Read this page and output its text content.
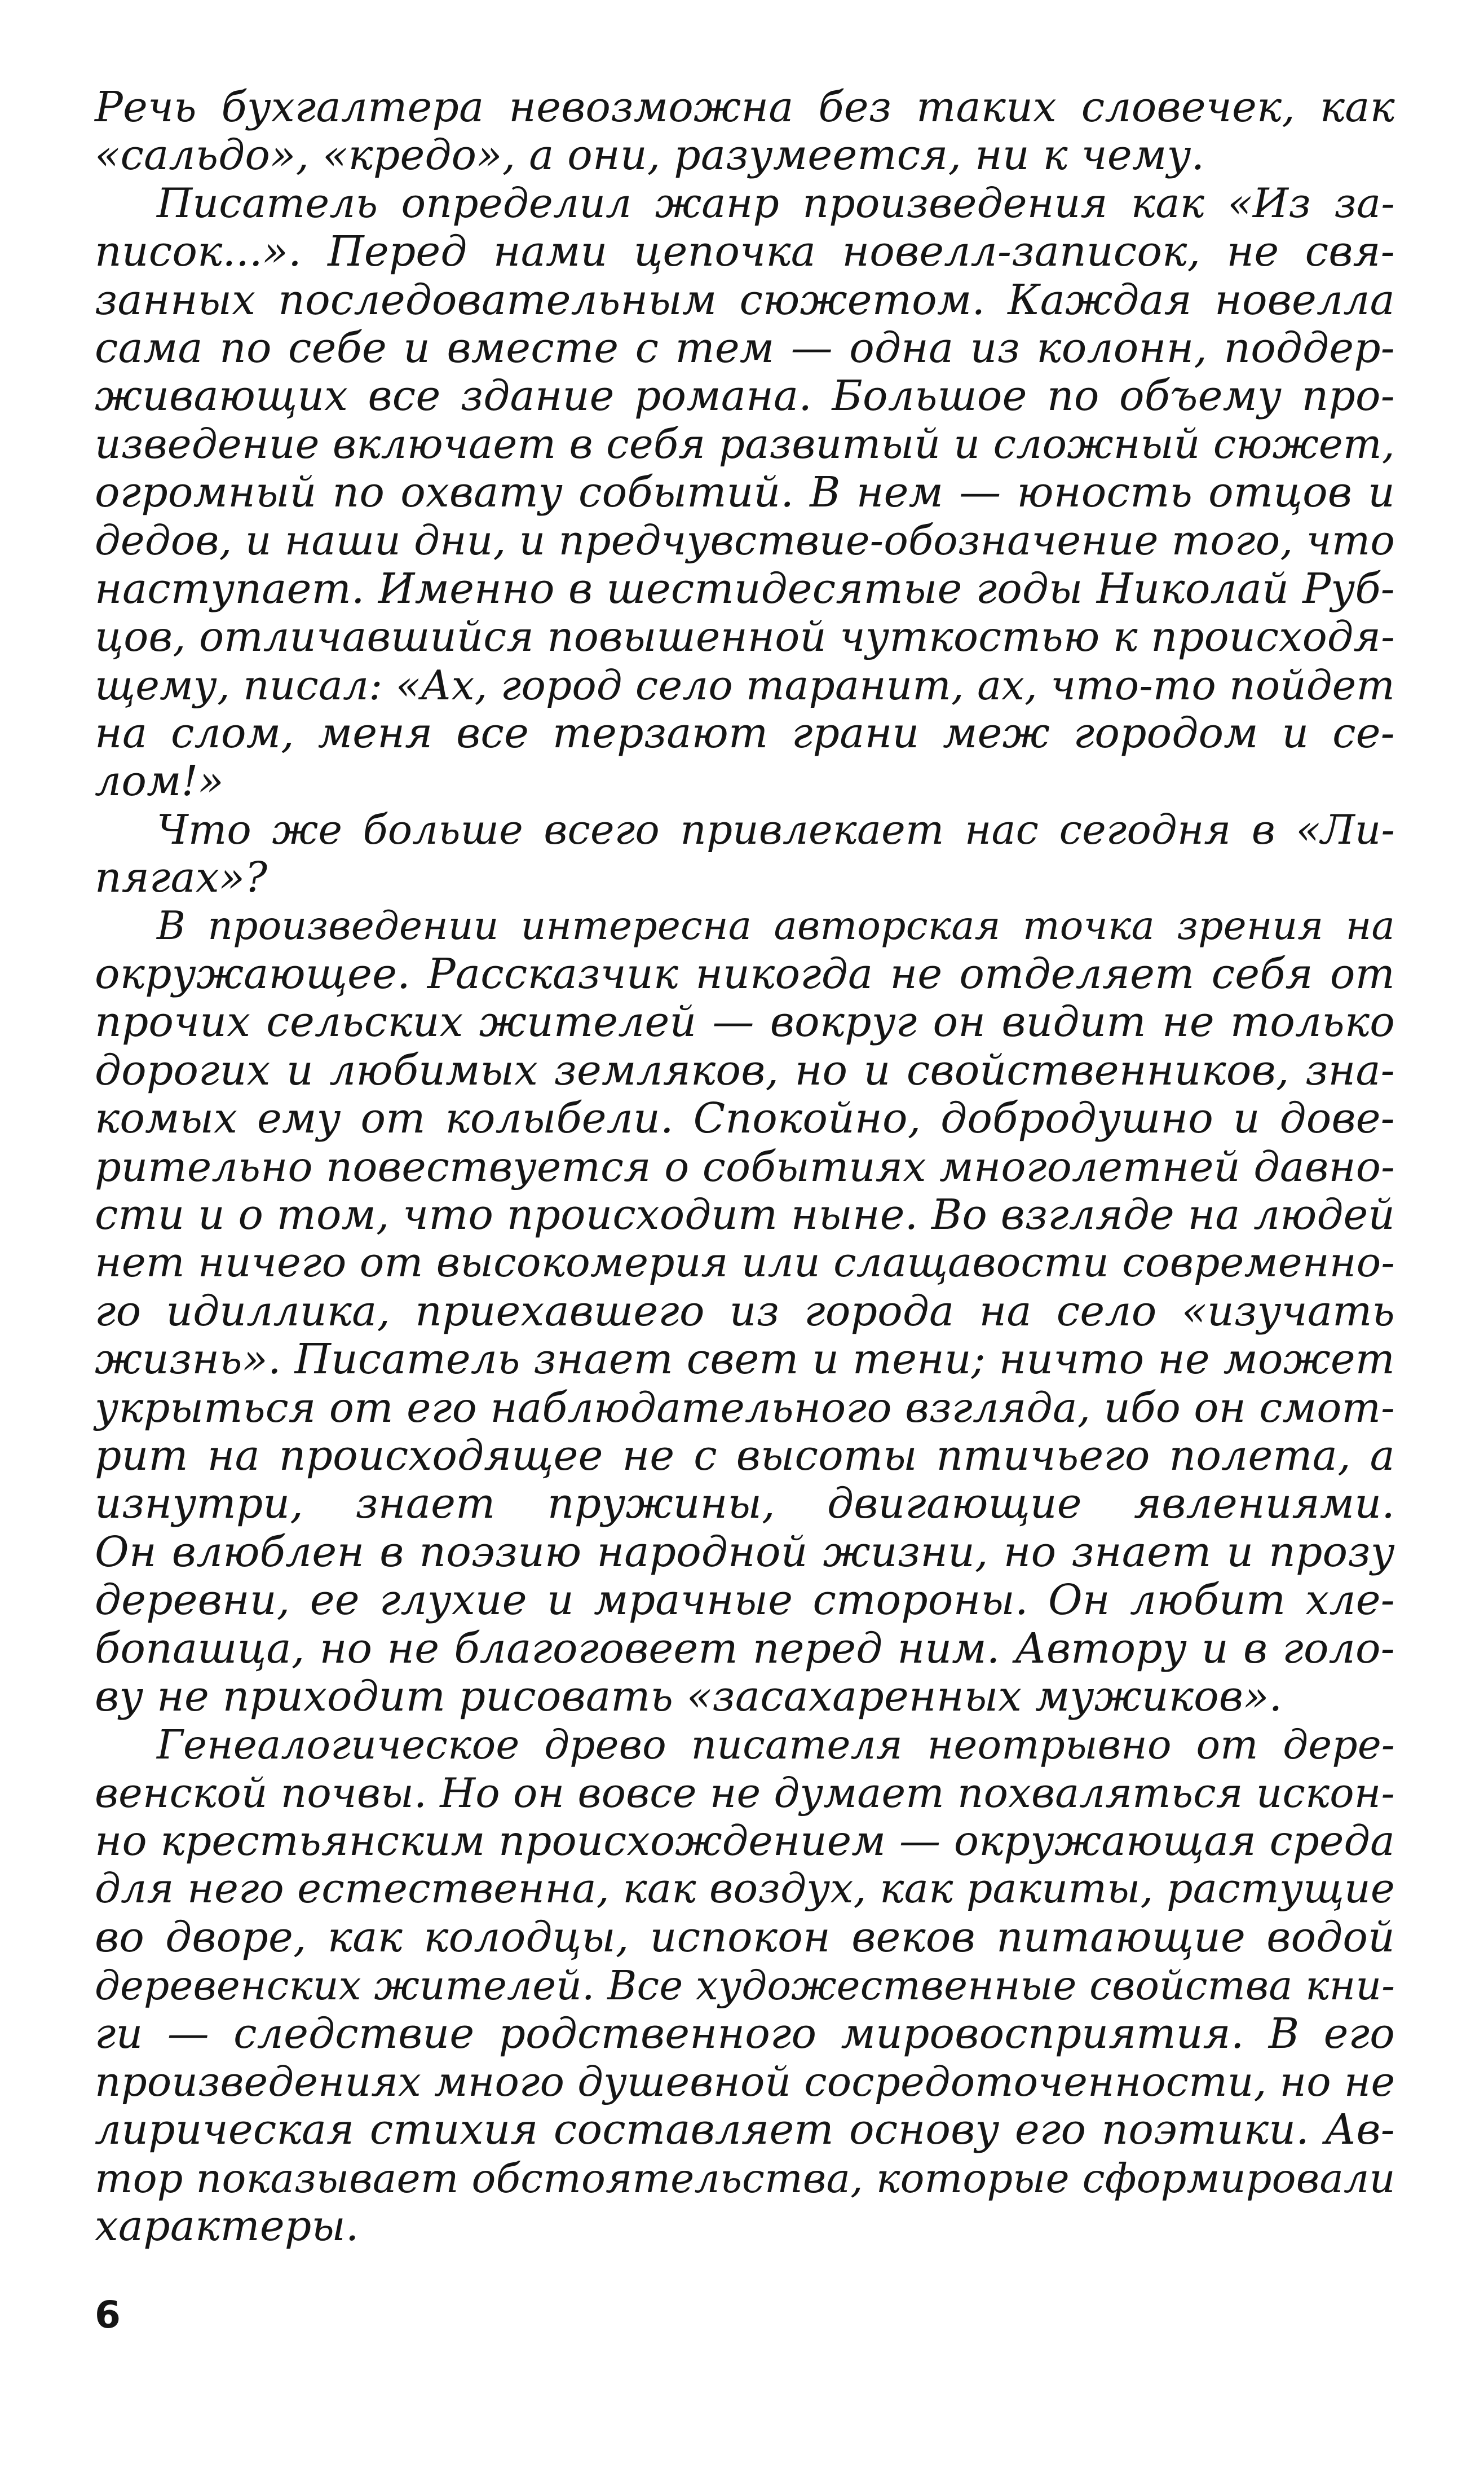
Речь бухгалтера невозможна без таких словечек, как
«сальдо», «кредо», а они, разумеется, ни к чему.
Писатель определил жанр произведения как «Из за-
писок...». Перед нами цепочка новелл-записок, не свя-
занных последовательным сюжетом. Каждая новелла
сама по себе и вместе с тем — одна из колонн, поддер-
живающих все здание романа. Большое по объему про-
изведение включает в себя развитый и сложный сюжет,
огромный по охвату событий. В нем — юность отцов и
дедов, и наши дни, и предчувствие-обозначение того, что
наступает. Именно в шестидесятые годы Николай Руб-
цов, отличавшийся повышенной чуткостью к происходя-
щему, писал: «Ах, город село таранит, ах, что-то пойдет
на слом, меня все терзают грани меж городом и се-
лом!»
Что же больше всего привлекает нас сегодня в «Ли-
пягах»?
В произведении интересна авторская точка зрения на
окружающее. Рассказчик никогда не отделяет себя от
прочих сельских жителей — вокруг он видит не только
дорогих и любимых земляков, но и свойственников, зна-
комых ему от колыбели. Спокойно, добродушно и дове-
рительно повествуется о событиях многолетней давно-
сти и о том, что происходит ныне. Во взгляде на людей
нет ничего от высокомерия или слащавости современно-
го идиллика, приехавшего из города на село «изучать
жизнь». Писатель знает свет и тени; ничто не может
укрыться от его наблюдательного взгляда, ибо он смот-
рит на происходящее не с высоты птичьего полета, а
изнутри, знает пружины, двигающие явлениями.
Он влюблен в поэзию народной жизни, но знает и прозу
деревни, ее глухие и мрачные стороны. Он любит хле-
бопашца, но не благоговеет перед ним. Автору и в голо-
ву не приходит рисовать «засахаренных мужиков».
Генеалогическое древо писателя неотрывно от дере-
венской почвы. Но он вовсе не думает похваляться искон-
но крестьянским происхождением — окружающая среда
для него естественна, как воздух, как ракиты, растущие
во дворе, как колодцы, испокон веков питающие водой
деревенских жителей. Все художественные свойства кни-
ги — следствие родственного мировосприятия. В его
произведениях много душевной сосредоточенности, но не
лирическая стихия составляет основу его поэтики. Ав-
тор показывает обстоятельства, которые сформировали
характеры.
6
